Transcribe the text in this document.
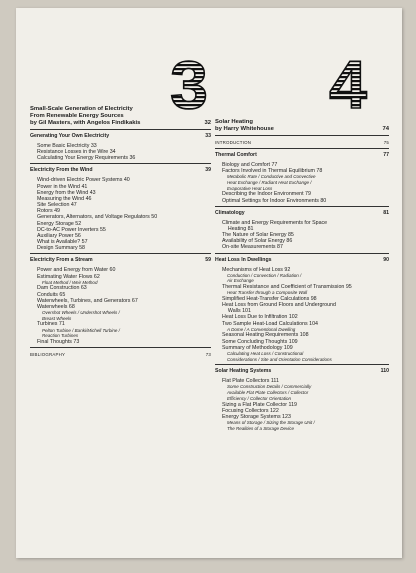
3 4
Small-Scale Generation of Electricity
From Renewable Energy Sources
by Gil Masters, with Angelos Findikakis	32
Generating Your Own Electricity	33
Some Basic Electricity 33
Resistance Losses in the Wire 34
Calculating Your Energy Requirements 36
Electricity From the Wind	39
Wind-driven Electric Power Systems 40
Power in the Wind 41
Energy from the Wind 43
Measuring the Wind 46
Site Selection 47
Rotors 49
Generators, Alternators, and Voltage Regulators 50
Energy Storage 52
DC-to-AC Power Inverters 55
Auxiliary Power 56
What is Available? 57
Design Summary 58
Electricity From a Stream	59
Power and Energy from Water 60
Estimating Water Flows 62
Float Method / Weir Method
Dam Construction 63
Conduits 65
Waterwheels, Turbines, and Generators 67
Waterwheels 68
Overshot Wheels / Undershot Wheels /
Breast Wheels
Turbines 71
Pelton Turbine / Banki/Michell Turbine /
Reaction Turbines
Final Thoughts 73
BIBLIOGRAPHY	73
Solar Heating
by Harry Whitehouse	74
INTRODUCTION	75
Thermal Comfort	77
Biology and Comfort 77
Factors Involved in Thermal Equilibrium 78
Metabolic Rate / Conductive and Convective
Heat Exchange / Radiant Heat Exchange /
Evaporative Heat Loss
Describing the Indoor Environment 79
Optimal Settings for Indoor Environments 80
Climatology	81
Climate and Energy Requirements for Space
Heating 81
The Nature of Solar Energy 85
Availability of Solar Energy 86
On-site Measurements 87
Heat Loss In Dwellings	90
Mechanisms of Heat Loss 92
Conduction / Convection / Radiation /
Air Exchange
Thermal Resistance and Coefficient of Transmission 95
Heat Transfer through a Composite Wall
Simplified Heat-Transfer Calculations 98
Heat Loss from Ground Floors and Underground
Walls 101
Heat Loss Due to Infiltration 102
Two Sample Heat-Load Calculations 104
A Dome / A Conventional Dwelling
Seasonal Heating Requirements 108
Some Concluding Thoughts 109
Summary of Methodology 109
Calculating Heat Loss / Constructional
Considerations / Site and Orientation Considerations
Solar Heating Systems	110
Flat Plate Collectors 111
Some Construction Details / Commercially
Available Flat Plate Collectors / Collector
Efficiency / Collector Orientation
Sizing a Flat Plate Collector 119
Focusing Collectors 122
Energy Storage Systems 123
Means of Storage / Sizing the Storage Unit /
The Realities of a Storage Device
